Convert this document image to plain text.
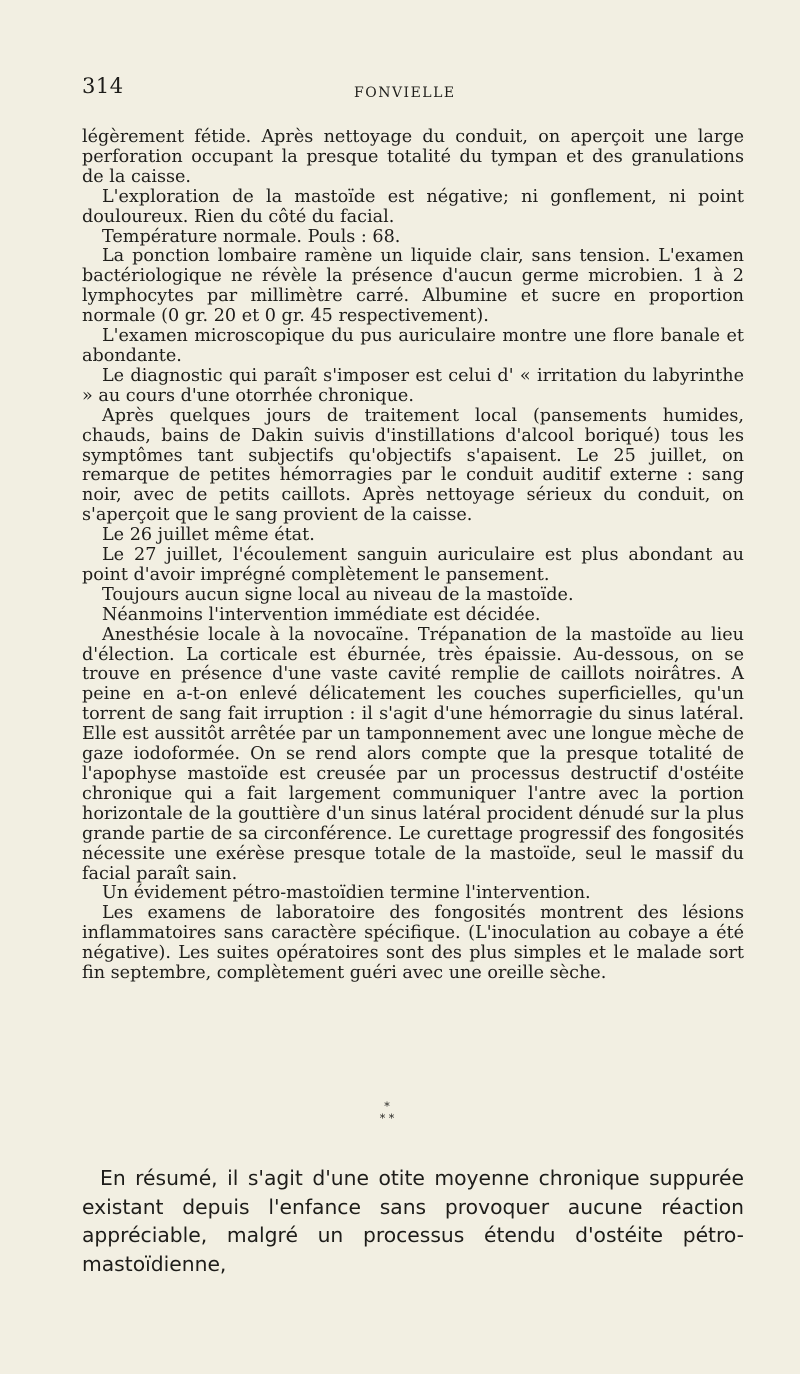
314	FONVIELLE

légèrement fétide. Après nettoyage du conduit, on aperçoit une large perforation occupant la presque totalité du tympan et des granulations de la caisse.

L'exploration de la mastoïde est négative; ni gonflement, ni point douloureux. Rien du côté du facial.

Température normale. Pouls : 68.

La ponction lombaire ramène un liquide clair, sans tension. L'examen bactériologique ne révèle la présence d'aucun germe microbien. 1 à 2 lymphocytes par millimètre carré. Albumine et sucre en proportion normale (0 gr. 20 et 0 gr. 45 respectivement).

L'examen microscopique du pus auriculaire montre une flore banale et abondante.

Le diagnostic qui paraît s'imposer est celui d' « irritation du labyrinthe » au cours d'une otorrhée chronique.

Après quelques jours de traitement local (pansements humides, chauds, bains de Dakin suivis d'instillations d'alcool boriqué) tous les symptômes tant subjectifs qu'objectifs s'apaisent. Le 25 juillet, on remarque de petites hémorragies par le conduit auditif externe : sang noir, avec de petits caillots. Après nettoyage sérieux du conduit, on s'aperçoit que le sang provient de la caisse.

Le 26 juillet même état.

Le 27 juillet, l'écoulement sanguin auriculaire est plus abondant au point d'avoir imprégné complètement le pansement.

Toujours aucun signe local au niveau de la mastoïde.

Néanmoins l'intervention immédiate est décidée.

Anesthésie locale à la novocaïne. Trépanation de la mastoïde au lieu d'élection. La corticale est éburnée, très épaissie. Au-dessous, on se trouve en présence d'une vaste cavité remplie de caillots noirâtres. A peine en a-t-on enlevé délicatement les couches superficielles, qu'un torrent de sang fait irruption : il s'agit d'une hémorragie du sinus latéral. Elle est aussitôt arrêtée par un tamponnement avec une longue mèche de gaze iodoformée. On se rend alors compte que la presque totalité de l'apophyse mastoïde est creusée par un processus destructif d'ostéite chronique qui a fait largement communiquer l'antre avec la portion horizontale de la gouttière d'un sinus latéral procident dénudé sur la plus grande partie de sa circonférence. Le curettage progressif des fongosités nécessite une exérèse presque totale de la mastoïde, seul le massif du facial paraît sain.

Un évidement pétro-mastoïdien termine l'intervention.

Les examens de laboratoire des fongosités montrent des lésions inflammatoires sans caractère spécifique. (L'inoculation au cobaye a été négative). Les suites opératoires sont des plus simples et le malade sort fin septembre, complètement guéri avec une oreille sèche.

*
* *

En résumé, il s'agit d'une otite moyenne chronique suppurée existant depuis l'enfance sans provoquer aucune réaction appréciable, malgré un processus étendu d'ostéite pétro-mastoïdienne,
